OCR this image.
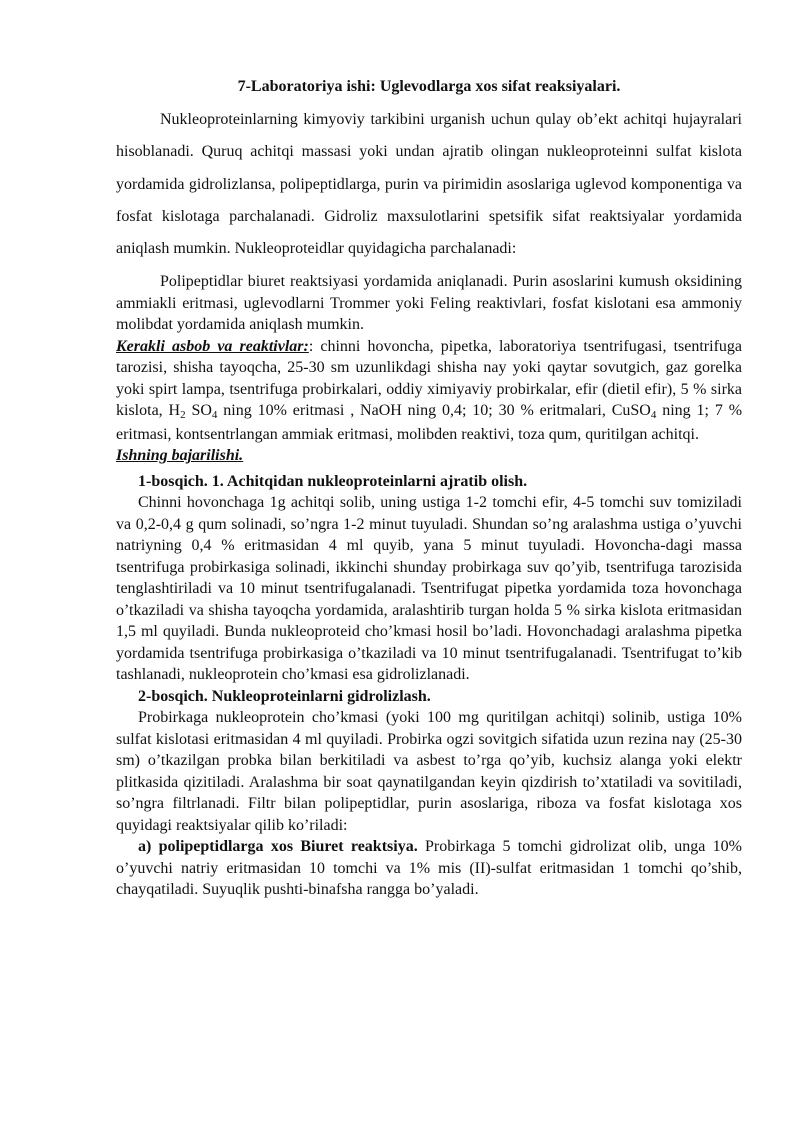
7-Laboratoriya ishi: Uglevodlarga xos sifat reaksiyalari.

Nukleoproteinlarning kimyoviy tarkibini urganish uchun qulay ob’ekt achitqi hujayralari hisoblanadi. Quruq achitqi massasi yoki undan ajratib olingan nukleoproteinni sulfat kislota yordamida gidrolizlansa, polipeptidlarga, purin va pirimidin asoslariga uglevod komponentiga va fosfat kislotaga parchalanadi. Gidroliz maxsulotlarini spetsifik sifat reaktsiyalar yordamida aniqlash mumkin. Nukleoproteidlar quyidagicha parchalanadi:

Polipeptidlar biuret reaktsiyasi yordamida aniqlanadi. Purin asoslarini kumush oksidining ammiakli eritmasi, uglevodlarni Trommer yoki Feling reaktivlari, fosfat kislotani esa ammoniy molibdat yordamida aniqlash mumkin.

Kerakli asbob va reaktivlar:: chinni hovoncha, pipetka, laboratoriya tsentrifugasi, tsentrifuga tarozisi, shisha tayoqcha, 25-30 sm uzunlikdagi shisha nay yoki qaytar sovutgich, gaz gorelka yoki spirt lampa, tsentrifuga probirkalari, oddiy ximiyaviy probirkalar, efir (dietil efir), 5 % sirka kislota, H2 SO4 ning 10% eritmasi , NaOH ning 0,4; 10; 30 % eritmalari, CuSO4 ning 1; 7 % eritmasi, kontsentrlangan ammiak eritmasi, molibden reaktivi, toza qum, quritilgan achitqi.

Ishning bajarilishi.

1-bosqich. 1. Achitqidan nukleoproteinlarni ajratib olish.

Chinni hovonchaga 1g achitqi solib, uning ustiga 1-2 tomchi efir, 4-5 tomchi suv tomiziladi va 0,2-0,4 g qum solinadi, so’ngra 1-2 minut tuyuladi. Shundan so’ng aralashma ustiga o’yuvchi natriyning 0,4 % eritmasidan 4 ml quyib, yana 5 minut tuyuladi. Hovoncha-dagi massa tsentrifuga probirkasiga solinadi, ikkinchi shunday probirkaga suv qo’yib, tsentrifuga tarozisida tenglashtiriladi va 10 minut tsentrifugalanadi. Tsentrifugat pipetka yordamida toza hovonchaga o’tkaziladi va shisha tayoqcha yordamida, aralashtirib turgan holda 5 % sirka kislota eritmasidan 1,5 ml quyiladi. Bunda nukleoproteid cho’kmasi hosil bo’ladi. Hovonchadagi aralashma pipetka yordamida tsentrifuga probirkasiga o’tkaziladi va 10 minut tsentrifugalanadi. Tsentrifugat to’kib tashlanadi, nukleoprotein cho’kmasi esa gidrolizlanadi.

2-bosqich. Nukleoproteinlarni gidrolizlash.

Probirkaga nukleoprotein cho’kmasi (yoki 100 mg quritilgan achitqi) solinib, ustiga 10% sulfat kislotasi eritmasidan 4 ml quyiladi. Probirka ogzi sovitgich sifatida uzun rezina nay (25-30 sm) o’tkazilgan probka bilan berkitiladi va asbest to’rga qo’yib, kuchsiz alanga yoki elektr plitkasida qizitiladi. Aralashma bir soat qaynatilgandan keyin qizdirish to’xtatiladi va sovitiladi, so’ngra filtrlanadi. Filtr bilan polipeptidlar, purin asoslariga, riboza va fosfat kislotaga xos quyidagi reaktsiyalar qilib ko’riladi:

a) polipeptidlarga xos Biuret reaktsiya. Probirkaga 5 tomchi gidrolizat olib, unga 10% o’yuvchi natriy eritmasidan 10 tomchi va 1% mis (II)-sulfat eritmasidan 1 tomchi qo’shib, chayqatiladi. Suyuqlik pushti-binafsha rangga bo’yaladi.
